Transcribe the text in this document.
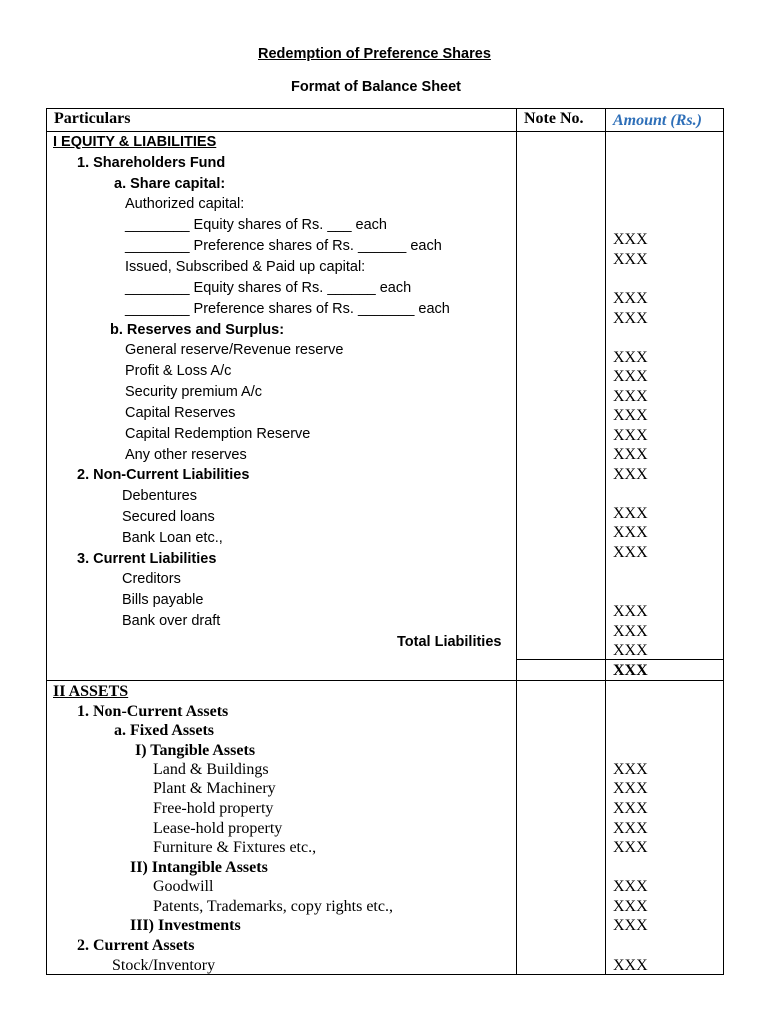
Redemption of Preference Shares
Format of Balance Sheet
Particulars	Note No. Amount (Rs.)
I EQUITY & LIABILITIES
1. Shareholders Fund
a. Share capital:
Authorized capital:
________ Equity shares of Rs. ___ each
________ Preference shares of Rs. ______ each
Issued, Subscribed & Paid up capital:
________ Equity shares of Rs. ______ each
________ Preference shares of Rs. _______ each
b. Reserves and Surplus:
General reserve/Revenue reserve
Profit & Loss A/c
Security premium A/c
Capital Reserves
Capital Redemption Reserve
Any other reserves
2. Non-Current Liabilities
Debentures
Secured loans
Bank Loan etc.,
3. Current Liabilities
Creditors
Bills payable
Bank over draft
Total Liabilities
II ASSETS
1. Non-Current Assets
a. Fixed Assets
I) Tangible Assets
Land & Buildings
Plant & Machinery
Free-hold property
Lease-hold property
Furniture & Fixtures etc.,
II) Intangible Assets
Goodwill
Patents, Trademarks, copy rights etc.,
III) Investments
2. Current Assets
Stock/Inventory
XXX
XXX
XXX
XXX
XXX
XXX
XXX
XXX
XXX
XXX
XXX
XXX
XXX
XXX
XXX
XXX
XXX
XXX
XXX
XXX
XXX
XXX
XXX
XXX
XXX
XXX
XXX
